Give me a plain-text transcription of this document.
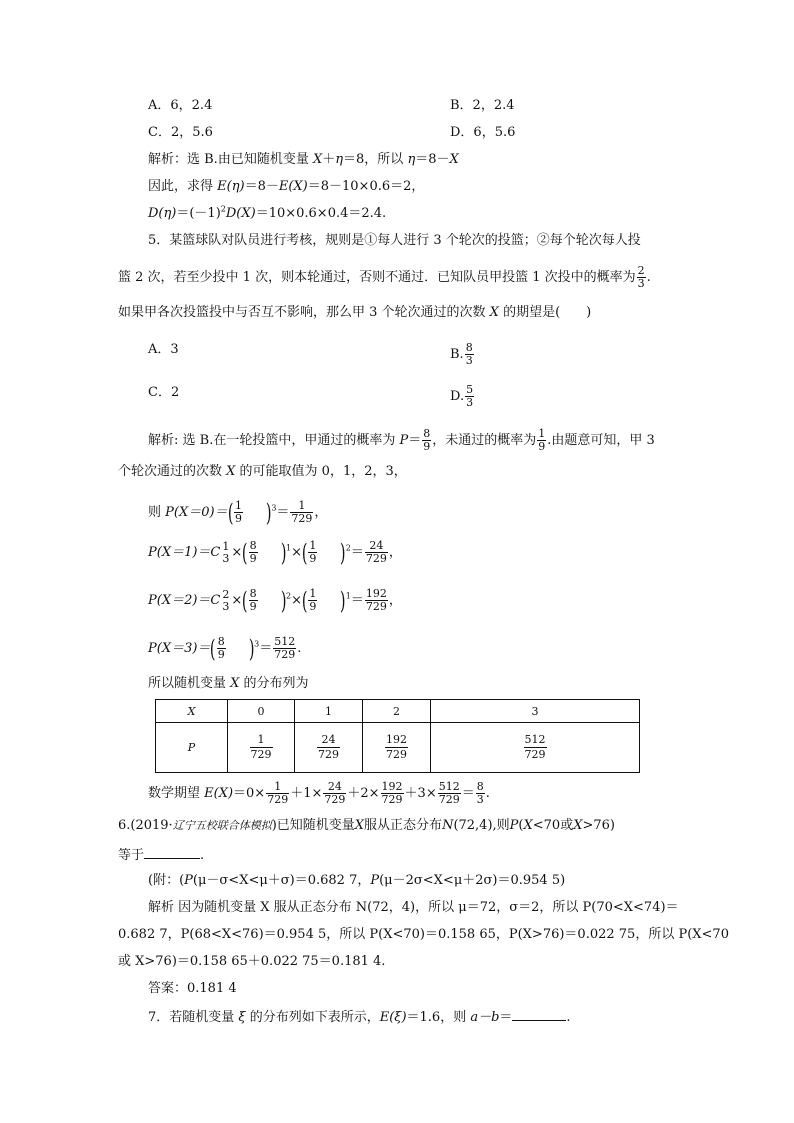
A．6，2.4	B．2，2.4
C．2，5.6	D．6，5.6
解析：选 B.由已知随机变量 X＋η＝8，所以 η＝8－X
因此，求得 E(η)＝8－E(X)＝8－10×0.6＝2，
$D(\eta)=(-1)^2D(X)=10\times 0.6\times 0.4=2.4$.
5．某篮球队对队员进行考核，规则是①每人进行 3 个轮次的投篮；②每个轮次每人投
篮 2 次，若至少投中 1 次，则本轮通过，否则不通过．已知队员甲投篮 1 次投中的概率为 $\frac{2}{3}$ .
如果甲各次投篮投中与否互不影响，那么甲 3 个轮次通过的次数 X 的期望是(　　)
A．3	B. $\frac{8}{3}$
C．2	D. $\frac{5}{3}$
解析: 选 B.在一轮投篮中，甲通过的概率为 $P= \frac{8}{9}$ ，未通过的概率为 $\frac{1}{9}$ .由题意可知，甲 3
个轮次通过的次数 X 的可能取值为 0，1，2，3，
则 $P(X=0)=( \frac{1}{9} )^3= \frac{1}{729}$ ，
P(X＝1)＝C 1
3 ×( $\frac{8}{9} )^1\times( \frac{1}{9} )^2= \frac{24}{729}$ ，
P(X＝2)＝C 2
3 ×( $\frac{8}{9} )^2\times( \frac{1}{9} )^1= \frac{192}{729}$ ，
$P(X=3)=( \frac{8}{9} )^3= \frac{512}{729}$ .
所以随机变量 X 的分布列为
X	0	1	2	3
P	$\frac{1}{729}$	$\frac{24}{729}$	$\frac{192}{729}$	$\frac{512}{729}$
数学期望 $E(X)=0\times \frac{1}{729} +1\times \frac{24}{729} +2\times \frac{192}{729} +3\times \frac{512}{729} = \frac{8}{3}$ .
6.(2019·辽宁五校联合体模拟)已知随机变量X服从正态分布N(72,4),则P(X<70或X>76)
等于	.
(附：(P(μ－σ<X<μ＋σ)＝0.682 7，P(μ－2σ<X<μ＋2σ)＝0.954 5)
解析 因为随机变量 X 服从正态分布 N(72，4)，所以 μ＝72，σ＝2，所以 P(70<X<74)＝
0.682 7，P(68<X<76)＝0.954 5，所以 P(X<70)＝0.158 65，P(X>76)＝0.022 75，所以 P(X<70
或 X>76)＝0.158 65＋0.022 75＝0.181 4.
答案：0.181 4
7．若随机变量 ξ 的分布列如下表所示，E(ξ)＝1.6，则 a－b＝	.
